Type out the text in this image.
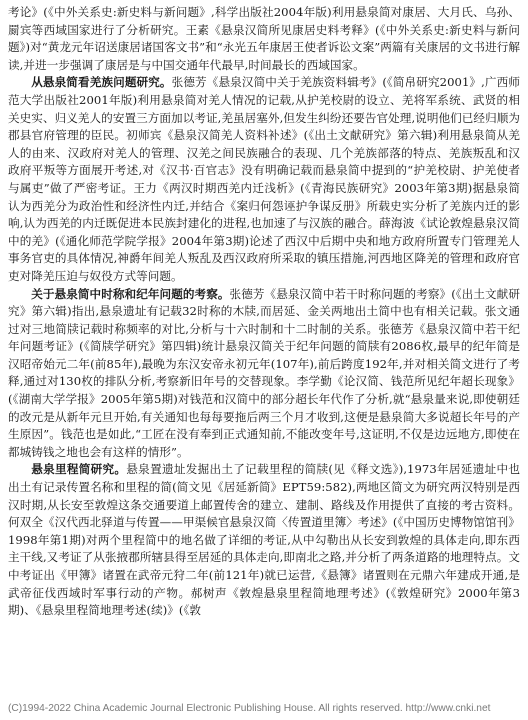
考论》(《中外关系史:新史料与新问题》,科学出版社2004年版)利用悬泉简对康居、大月氏、乌孙、罽宾等西域国家进行了分析研究。王素《悬泉汉简所见康居史料考释》(《中外关系史:新史料与新问题》)对“黄龙元年诏送康居诸国客文书”和“永光五年康居王使者诉讼文案”两篇有关康居的文书进行解读,并进一步强调了康居是与中国交通年代最早,时间最长的西域国家。

从悬泉简看羌族问题研究。张德芳《悬泉汉简中关于羌族资料辑考》(《简帛研究2001》,广西师范大学出版社2001年版)利用悬泉简对羌人情况的记载,从护羌校尉的设立、羌将军系统、武贤的相关史实、归义羌人的安置三方面加以考证,羌虽居塞外,但发生纠纷还要告官处理,说明他们已经归顺为郡县官府管理的臣民。初师宾《悬泉汉简羌人资料补述》(《出土文献研究》第六辑)利用悬泉简从羌人的由来、汉政府对羌人的管理、汉羌之间民族融合的表现、几个羌族部落的特点、羌族叛乱和汉政府平叛等方面展开考述,对《汉书·百官志》没有明确记载而悬泉简中提到的“护羌校尉、护羌使者与属吏”做了严密考证。王力《两汉时期西羌内迁浅析》(《青海民族研究》2003年第3期)据悬泉简认为西羌分为政治性和经济性内迁,并结合《案归何怨诬护争谋反册》所载史实分析了羌族内迁的影响,认为西羌的内迁既促进本民族封建化的进程,也加速了与汉族的融合。薛海波《试论敦煌悬泉汉简中的羌》(《通化师范学院学报》2004年第3期)论述了西汉中后期中央和地方政府所置专门管理羌人事务官吏的具体情况,神爵年间羌人叛乱及西汉政府所采取的镇压措施,河西地区降羌的管理和政府官吏对降羌压迫与奴役方式等问题。

关于悬泉简中时称和纪年问题的考察。张德芳《悬泉汉简中若干时称问题的考察》(《出土文献研究》第六辑)指出,悬泉遗址有记载32时称的木牍,而居延、金关两地出土简中也有相关记载。张文通过对三地简牍记载时称频率的对比,分析与十六时制和十二时制的关系。张德芳《悬泉汉简中若干纪年问题考证》(《简牍学研究》第四辑)统计悬泉汉简关于纪年问题的简牍有2086枚,最早的纪年简是汉昭帝始元二年(前85年),最晚为东汉安帝永初元年(107年),前后跨度192年,并对相关简文进行了考释,通过对130枚的排队分析,考察新旧年号的交替现象。李学勤《论汉简、钱范所见纪年超长现象》(《湖南大学学报》2005年第5期)对钱范和汉简中的部分超长年代作了分析,就“悬泉量来说,即使朝廷的改元是从新年元旦开始,有关通知也每每要拖后两三个月才收到,这便是悬泉简大多说超长年号的产生原因”。钱范也是如此,“工匠在没有奉到正式通知前,不能改变年号,这证明,不仅是边远地方,即使在都城铸钱之地也会有这样的情形”。

悬泉里程简研究。悬泉置遗址发掘出土了记载里程的简牍(见《释文选》),1973年居延遗址中也出土有记录传置名称和里程的简(简文见《居延新简》EPT59:582),两地区简文为研究两汉特别是西汉时期,从长安至敦煌这条交通要道上邮置传舍的建立、建制、路线及作用提供了直接的考古资料。何双全《汉代西北驿道与传置——甲渠候官悬泉汉简〈传置道里簿〉考述》(《中国历史博物馆馆刊》1998年第1期)对两个里程简中的地名做了详细的考证,从中勾勒出从长安到敦煌的具体走向,即东西主干线,又考证了从张掖郡所辖县得至居延的具体走向,即南北之路,并分析了两条道路的地理特点。文中考证出《甲簿》诸置在武帝元狩二年(前121年)就已运营,《悬簿》诸置则在元鼎六年建成开通,是武帝征伐西域时军事行动的产物。郝树声《敦煌悬泉里程简地理考述》(《敦煌研究》2000年第3期)、《悬泉里程简地理考述(续)》(《敦

(C)1994-2022 China Academic Journal Electronic Publishing House. All rights reserved. http://www.cnki.net
